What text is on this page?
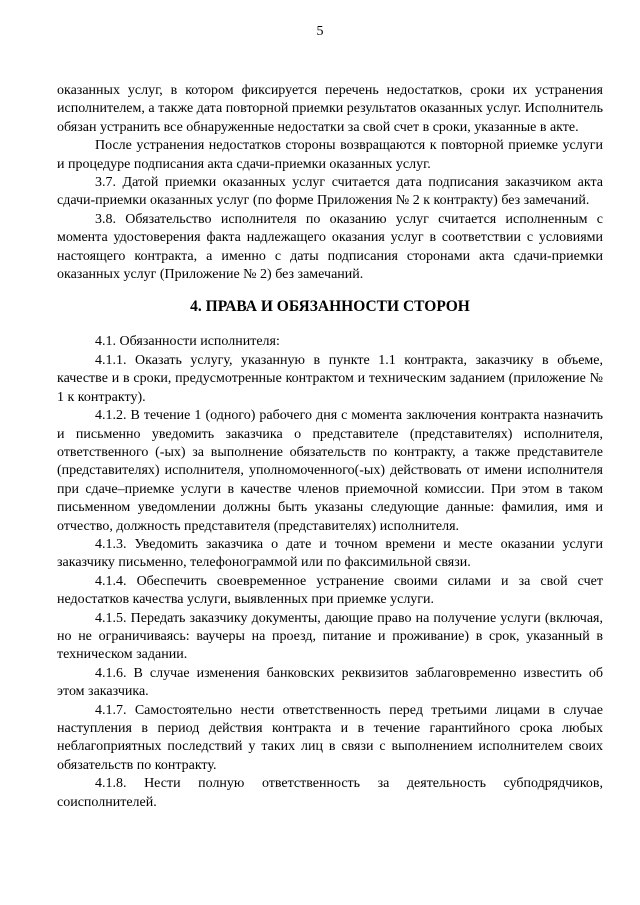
5

оказанных услуг, в котором фиксируется перечень недостатков, сроки их устранения исполнителем, а также дата повторной приемки результатов оказанных услуг. Исполнитель обязан устранить все обнаруженные недостатки за свой счет в сроки, указанные в акте.

После устранения недостатков стороны возвращаются к повторной приемке услуги и процедуре подписания акта сдачи-приемки оказанных услуг.

3.7. Датой приемки оказанных услуг считается дата подписания заказчиком акта сдачи-приемки оказанных услуг (по форме Приложения № 2 к контракту) без замечаний.

3.8. Обязательство исполнителя по оказанию услуг считается исполненным с момента удостоверения факта надлежащего оказания услуг в соответствии с условиями настоящего контракта, а именно с даты подписания сторонами акта сдачи-приемки оказанных услуг (Приложение № 2) без замечаний.

4. ПРАВА И ОБЯЗАННОСТИ СТОРОН

4.1. Обязанности исполнителя:

4.1.1. Оказать услугу, указанную в пункте 1.1 контракта, заказчику в объеме, качестве и в сроки, предусмотренные контрактом и техническим заданием (приложение № 1 к контракту).

4.1.2. В течение 1 (одного) рабочего дня с момента заключения контракта назначить и письменно уведомить заказчика о представителе (представителях) исполнителя, ответственного (-ых) за выполнение обязательств по контракту, а также представителе (представителях) исполнителя, уполномоченного(-ых) действовать от имени исполнителя при сдаче–приемке услуги в качестве членов приемочной комиссии. При этом в таком письменном уведомлении должны быть указаны следующие данные: фамилия, имя и отчество, должность представителя (представителях) исполнителя.

4.1.3. Уведомить заказчика о дате и точном времени и месте оказании услуги заказчику письменно, телефонограммой или по факсимильной связи.

4.1.4. Обеспечить своевременное устранение своими силами и за свой счет недостатков качества услуги, выявленных при приемке услуги.

4.1.5. Передать заказчику документы, дающие право на получение услуги (включая, но не ограничиваясь: ваучеры на проезд, питание и проживание) в срок, указанный в техническом задании.

4.1.6. В случае изменения банковских реквизитов заблаговременно известить об этом заказчика.

4.1.7. Самостоятельно нести ответственность перед третьими лицами в случае наступления в период действия контракта и в течение гарантийного срока любых неблагоприятных последствий у таких лиц в связи с выполнением исполнителем своих обязательств по контракту.

4.1.8. Нести полную ответственность за деятельность субподрядчиков, соисполнителей.
